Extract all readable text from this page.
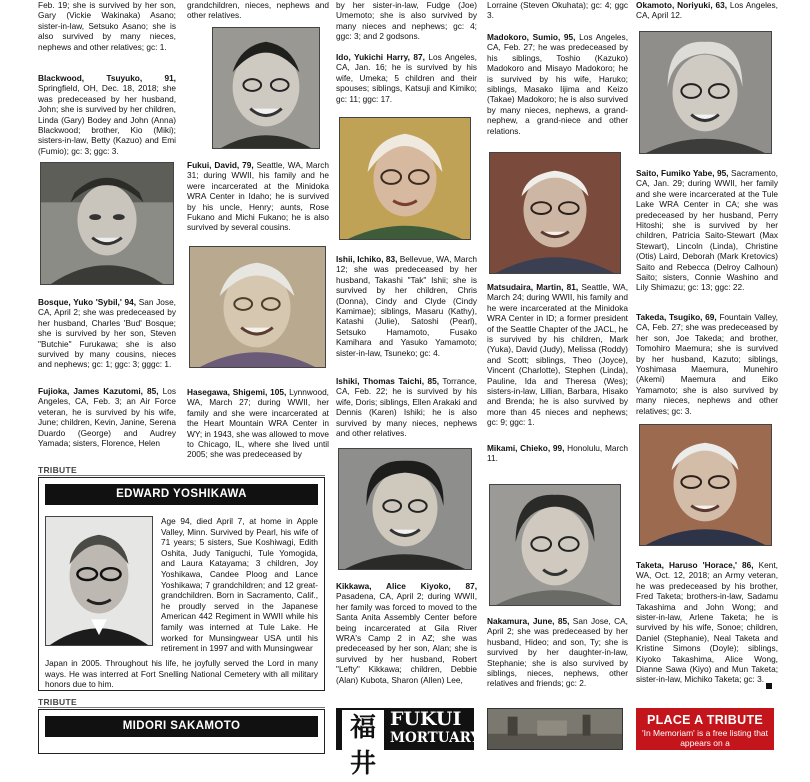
Feb. 19; she is survived by her son, Gary (Vickie Wakinaka) Asano; sister-in-law, Setsuko Asano; she is also survived by many nieces, nephews and other relatives; gc: 1.

Blackwood, Tsuyuko, 91, Springfield, OH, Dec. 18, 2018; she was predeceased by her husband, John; she is survived by her children, Linda (Gary) Bodey and John (Anna) Blackwood; brother, Kio (Miki); sisters-in-law, Betty (Kazuo) and Emi (Fumio); gc: 3; ggc: 3.

Bosque, Yuko 'Sybil,' 94, San Jose, CA, April 2; she was predeceased by her husband, Charles 'Bud' Bosque; she is survived by her son, Steven "Butchie" Furukawa; she is also survived by many cousins, nieces and nephews; gc: 1; ggc: 3; gggc: 1.

Fujioka, James Kazutomi, 85, Los Angeles, CA, Feb. 3; an Air Force veteran, he is survived by his wife, June; children, Kevin, Janine, Serena Duardo (George) and Audrey Yamada; sisters, Florence, Helen

grandchildren, nieces, nephews and other relatives.

Fukui, David, 79, Seattle, WA, March 31; during WWII, his family and he were incarcerated at the Minidoka WRA Center in Idaho; he is survived by his uncle, Henry; aunts, Rose Fukano and Michi Fukano; he is also survived by several cousins.

Hasegawa, Shigemi, 105, Lynnwood, WA, March 27; during WWII, her family and she were incarcerated at the Heart Mountain WRA Center in WY; in 1943, she was allowed to move to Chicago, IL, where she lived until 2005; she was predeceased by

by her sister-in-law, Fudge (Joe) Umemoto; she is also survived by many nieces and nephews; gc: 4; ggc: 3; and 2 godsons.

Ido, Yukichi Harry, 87, Los Angeles, CA, Jan. 16; he is survived by his wife, Umeka; 5 children and their spouses; siblings, Katsuji and Kimiko; gc: 11; ggc: 17.

Ishii, Ichiko, 83, Bellevue, WA, March 12; she was predeceased by her husband, Takashi "Tak" Ishii; she is survived by her children, Chris (Donna), Cindy and Clyde (Cindy Kamimae); siblings, Masaru (Kathy), Katashi (Julie), Satoshi (Pearl), Setsuko Hamamoto, Fusako Kamihara and Yasuko Yamamoto; sister-in-law, Tsuneko; gc: 4.

Ishiki, Thomas Taichi, 85, Torrance, CA, Feb. 22; he is survived by his wife, Doris; siblings, Ellen Arakaki and Dennis (Karen) Ishiki; he is also survived by many nieces, nephews and other relatives.

Kikkawa, Alice Kiyoko, 87, Pasadena, CA, April 2; during WWII, her family was forced to moved to the Santa Anita Assembly Center before being incarcerated at Gila River WRA's Camp 2 in AZ; she was predeceased by her son, Alan; she is survived by her husband, Robert "Lefty" Kikkawa; children, Debbie (Alan) Kubota, Sharon (Allen) Lee,

Lorraine (Steven Okuhata); gc: 4; ggc 3.

Madokoro, Sumio, 95, Los Angeles, CA, Feb. 27; he was predeceased by his siblings, Toshio (Kazuko) Madokoro and Misayo Madokoro; he is survived by his wife, Haruko; siblings, Masako Iijima and Keizo (Takae) Madokoro; he is also survived by many nieces, nephews, a grand-nephew, a grand-niece and other relations.

Matsudaira, Martin, 81, Seattle, WA, March 24; during WWII, his family and he were incarcerated at the Minidoka WRA Center in ID; a former president of the Seattle Chapter of the JACL, he is survived by his children, Mark (Yuka), David (Judy), Melissa (Roddy) and Scott; siblings, Theo (Joyce), Vincent (Charlotte), Stephen (Linda), Pauline, Ida and Theresa (Wes); sisters-in-law, Lillian, Barbara, Hisako and Brenda; he is also survived by more than 45 nieces and nephews; gc: 9; ggc: 1.

Mikami, Chieko, 99, Honolulu, March 11.

Nakamura, June, 85, San Jose, CA, April 2; she was predeceased by her husband, Hideo; and son, Ty; she is survived by her daughter-in-law, Stephanie; she is also survived by siblings, nieces, nephews, other relatives and friends; gc: 2.

Okamoto, Noriyuki, 63, Los Angeles, CA, April 12.

Saito, Fumiko Yabe, 95, Sacramento, CA, Jan. 29; during WWII, her family and she were incarcerated at the Tule Lake WRA Center in CA; she was predeceased by her husband, Perry Hitoshi; she is survived by her children, Patricia Saito-Stewart (Max Stewart), Lincoln (Linda), Christine (Otis) Laird, Deborah (Mark Kretovics) Saito and Rebecca (Delroy Calhoun) Saito; sisters, Connie Washino and Lily Shimazu; gc: 13; ggc: 22.

Takeda, Tsugiko, 69, Fountain Valley, CA, Feb. 27; she was predeceased by her son, Joe Takeda; and brother, Tomohiro Maemura; she is survived by her husband, Kazuto; siblings, Yoshimasa Maemura, Munehiro (Akemi) Maemura and Eiko Yamamoto; she is also survived by many nieces, nephews and other relatives; gc: 3.

Taketa, Haruso 'Horace,' 86, Kent, WA, Oct. 12, 2018; an Army veteran, he was predeceased by his brother, Fred Taketa; brothers-in-law, Sadamu Takashima and John Wong; and sister-in-law, Arlene Taketa; he is survived by his wife, Sonoe; children, Daniel (Stephanie), Neal Taketa and Kristine Simons (Doyle); siblings, Kiyoko Takashima, Alice Wong, Dianne Sawa (Kiyo) and Mun Taketa; sister-in-law, Michiko Taketa; gc: 3.

TRIBUTE
EDWARD YOSHIKAWA

Age 94, died April 7, at home in Apple Valley, Minn. Survived by Pearl, his wife of 71 years; 5 sisters, Sue Koshiwagi, Edith Oshita, Judy Taniguchi, Tule Yomogida, and Laura Katayama; 3 children, Joy Yoshikawa, Candee Ploog and Lance Yoshikawa; 7 grandchildren; and 12 great-grandchildren. Born in Sacramento, Calif., he proudly served in the Japanese American 442 Regiment in WWII while his family was interned at Tule Lake. He worked for Munsingwear USA until his retirement in 1997 and with Munsingwear

Japan in 2005. Throughout his life, he joyfully served the Lord in many ways. He was interred at Fort Snelling National Cemetery with all military honors due to him.

TRIBUTE
MIDORI SAKAMOTO	福井
FUKUI
MORTUARY
PLACE A TRIBUTE
'In Memoriam' is a free listing that appears on a
